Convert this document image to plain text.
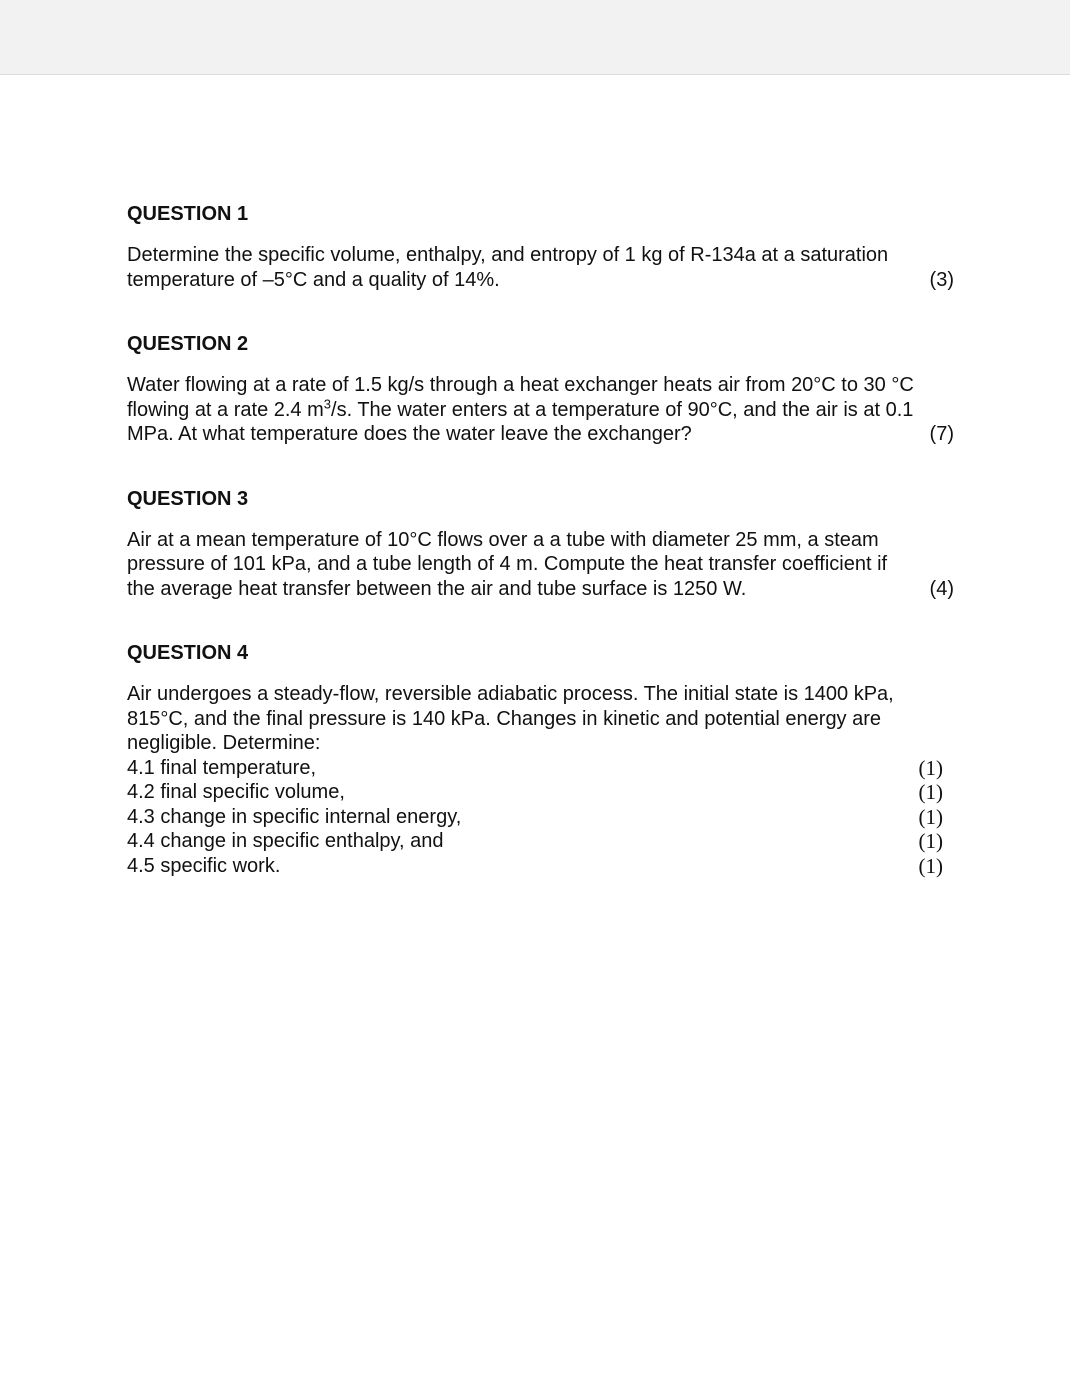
QUESTION 1

Determine the specific volume, enthalpy, and entropy of 1 kg of R-134a at a saturation

temperature of –5°C and a quality of 14%.	(3)
QUESTION 2

Water flowing at a rate of 1.5 kg/s through a heat exchanger heats air from 20°C to 30 °C

flowing at a rate 2.4 $m^3/s$. The water enters at a temperature of 90°C, and the air is at 0.1

MPa. At what temperature does the water leave the exchanger?	(7)
QUESTION 3

Air at a mean temperature of 10°C flows over a a tube with diameter 25 mm, a steam

pressure of 101 kPa, and a tube length of 4 m. Compute the heat transfer coefficient if

the average heat transfer between the air and tube surface is 1250 W.	(4)
QUESTION 4

Air undergoes a steady-flow, reversible adiabatic process. The initial state is 1400 kPa,

815°C, and the final pressure is 140 kPa. Changes in kinetic and potential energy are

negligible. Determine:

4.1 final temperature,	(1)
4.2 final specific volume,	(1)
4.3 change in specific internal energy,	(1)
4.4 change in specific enthalpy, and	(1)
4.5 specific work.	(1)
